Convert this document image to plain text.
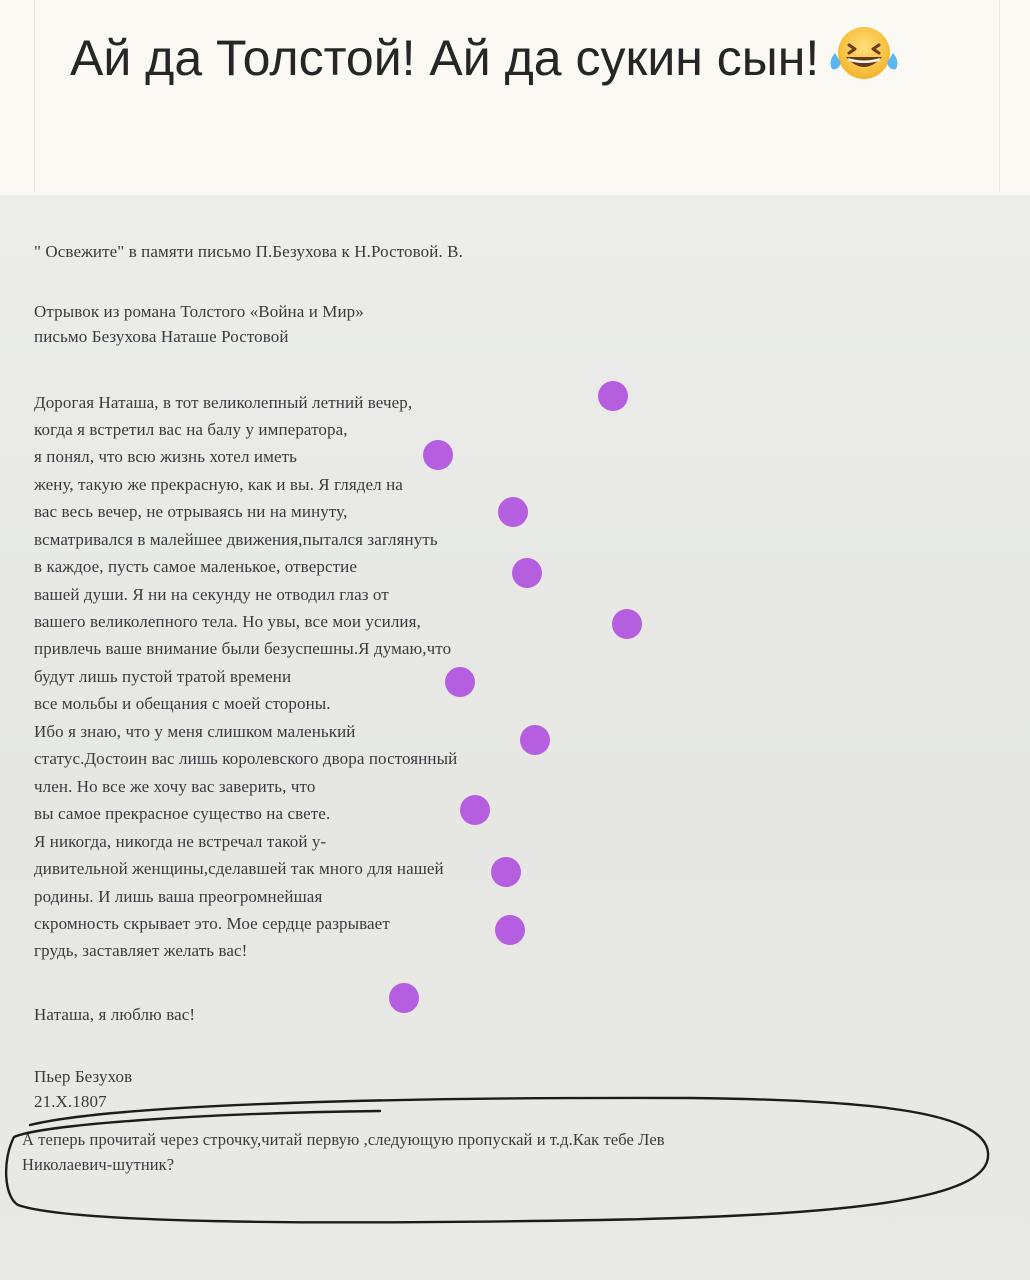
Ай да Толстой! Ай да сукин сын!
" Освежите" в памяти письмо П.Безухова к Н.Ростовой. В.
Отрывок из романа Толстого «Война и Мир»
письмо Безухова Наташе Ростовой
Дорогая Наташа, в тот великолепный летний вечер,
когда я встретил вас на балу у императора,
я понял, что всю жизнь хотел иметь
жену, такую же прекрасную, как и вы. Я глядел на
вас весь вечер, не отрываясь ни на минуту,
всматривался в малейшее движения,пытался заглянуть
в каждое, пусть самое маленькое, отверстие
вашей души. Я ни на секунду не отводил глаз от
вашего великолепного тела. Но увы, все мои усилия,
привлечь ваше внимание были безуспешны.Я думаю,что
будут лишь пустой тратой времени
все мольбы и обещания с моей стороны.
Ибо я знаю, что у меня слишком маленький
статус.Достоин вас лишь королевского двора постоянный
член. Но все же хочу вас заверить, что
вы самое прекрасное существо на свете.
Я никогда, никогда не встречал такой у-
дивительной женщины,сделавшей так много для нашей
родины. И лишь ваша преогромнейшая
скромность скрывает это. Мое сердце разрывает
грудь, заставляет желать вас!
Наташа, я люблю вас!
Пьер Безухов
21.Х.1807
А теперь прочитай через строчку,читай первую ,следующую пропускай и т.д.Как тебе Лев
Николаевич-шутник?
